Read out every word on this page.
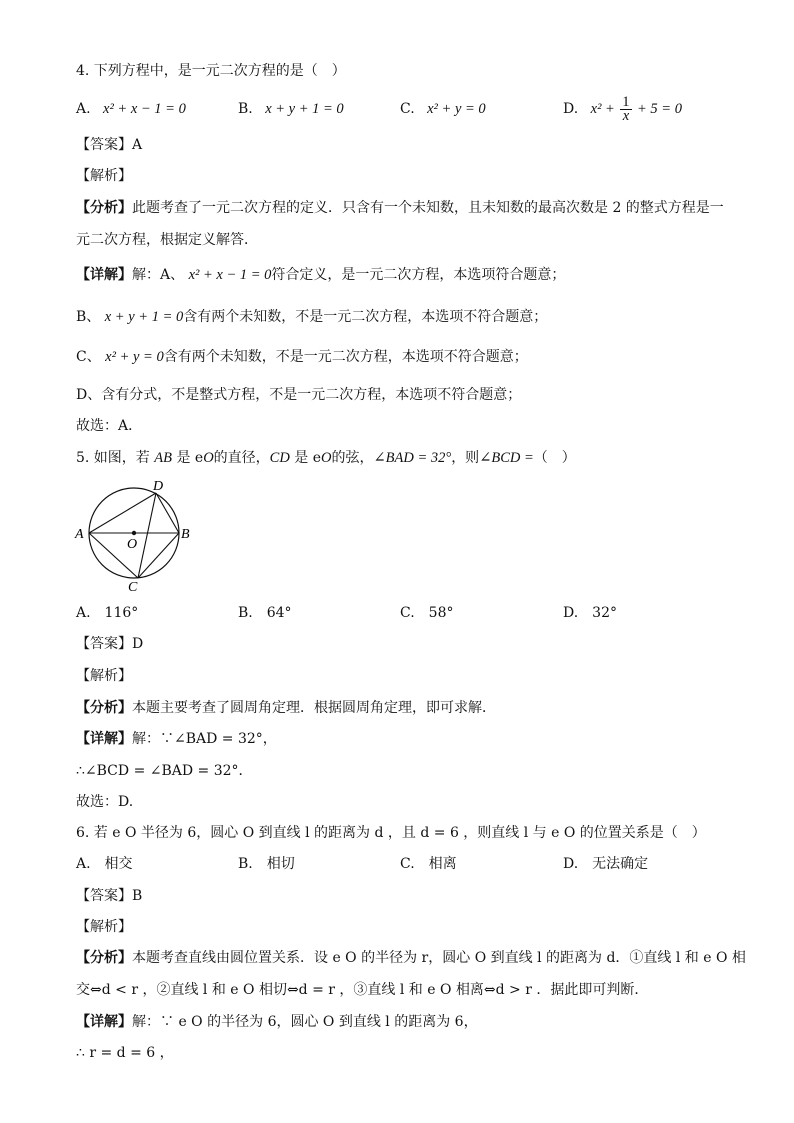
4. 下列方程中，是一元二次方程的是（　）
A. x² + x − 1 = 0	B. x + y + 1 = 0	C. x² + y = 0	D. $x^2 + \frac{1}{x} + 5 = 0$
【答案】A
【解析】
【分析】此题考查了一元二次方程的定义．只含有一个未知数，且未知数的最高次数是 2 的整式方程是一
元二次方程，根据定义解答．
【详解】解：A、 x² + x − 1 = 0符合定义，是一元二次方程，本选项符合题意；
B、 x + y + 1 = 0含有两个未知数，不是一元二次方程，本选项不符合题意；
C、 x² + y = 0含有两个未知数，不是一元二次方程，本选项不符合题意；
D、含有分式，不是整式方程，不是一元二次方程，本选项不符合题意；
故选：A．
5. 如图，若 AB 是 eO的直径，CD 是 eO的弦，∠BAD = 32°，则∠BCD =（　）
A	B
C
D
O
A.　116°	B.　64°	C.　58°	D.　32°
【答案】D
【解析】
【分析】本题主要考查了圆周角定理．根据圆周角定理，即可求解．
【详解】解：∵∠BAD = 32°，
∴∠BCD = ∠BAD = 32°．
故选：D.
6. 若 e O 半径为 6，圆心 O 到直线 l 的距离为 d ，且 d = 6 ，则直线 l 与 e O 的位置关系是（　）
A.　相交	B.　相切	C.　相离	D.　无法确定
【答案】B
【解析】
【分析】本题考查直线由圆位置关系．设 e O 的半径为 r，圆心 O 到直线 l 的距离为 d．①直线 l 和 e O 相
交⇔d < r ，②直线 l 和 e O 相切⇔d = r ，③直线 l 和 e O 相离⇔d > r ．据此即可判断．
【详解】解：∵ e O 的半径为 6，圆心 O 到直线 l 的距离为 6，
∴ r = d = 6 ，
